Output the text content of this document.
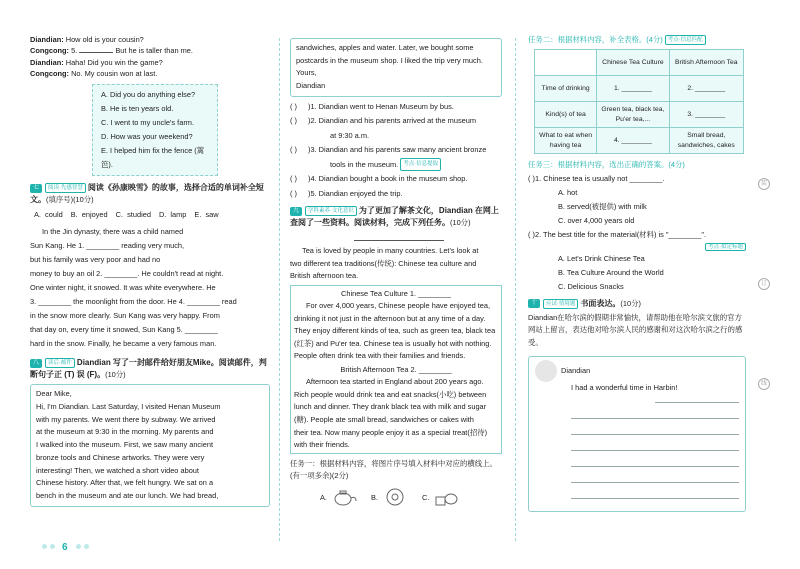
装
订
线
Diandian: How old is your cousin?
Congcong: 5.	But he is taller than me.
Diandian: Haha! Did you win the game?
Congcong: No. My cousin won at last.
A. Did you do anything else?
B. He is ten years old.
C. I went to my uncle's farm.
D. How was your weekend?
E. I helped him fix the fence (篱笆).
七 阅读·先感智慧 阅读《孙康映雪》的故事，选择合适的单词补全短文。(填序号)(10分)
A. could B. enjoyed C. studied D. lamp E. saw
In the Jin dynasty, there was a child named
Sun Kang. He 1. ________ reading very much,
but his family was very poor and had no
money to buy an oil 2. ________. He couldn't read at night.
One winter night, it snowed. It was white everywhere. He
3. ________ the moonlight from the door. He 4. ________ read
in the snow more clearly. Sun Kang was very happy. From
that day on, every time it snowed, Sun Kang 5. ________
hard in the snow. Finally, he became a very famous man.
八 读后·邮件 Diandian 写了一封邮件给好朋友Mike。阅读邮件，判断句子正 (T) 误 (F)。(10分)
Dear Mike,
Hi, I'm Diandian. Last Saturday, I visited Henan Museum
with my parents. We went there by subway. We arrived
at the museum at 9:30 in the morning. My parents and
I walked into the museum. First, we saw many ancient
bronze tools and Chinese artworks. They were very
interesting! Then, we watched a short video about
Chinese history. After that, we felt hungry. We sat on a
bench in the museum and ate our lunch. We had bread,
sandwiches, apples and water. Later, we bought some
postcards in the museum shop. I liked the trip very much.
Yours,
Diandian
( ) )1. Diandian went to Henan Museum by bus.
( ) )2. Diandian and his parents arrived at the museum
at 9:30 a.m.
( ) )3. Diandian and his parents saw many ancient bronze
tools in the museum. 考点·信息提取
( ) )4. Diandian bought a book in the museum shop.
( ) )5. Diandian enjoyed the trip.
九 学科素养·文化意识 为了更加了解茶文化，Diandian 在网上查阅了一些资料。阅读材料，完成下列任务。(10分)

Tea is loved by people in many countries. Let's look at

two different tea traditions(传统): Chinese tea culture and
British afternoon tea.
Chinese Tea Culture 1. ________

For over 4,000 years, Chinese people have enjoyed tea,

drinking it not just in the afternoon but at any time of a day.
They enjoy different kinds of tea, such as green tea, black tea
(红茶) and Pu'er tea. Chinese tea is usually hot with nothing.
People often drink tea with their families and friends.
British Afternoon Tea 2. ________

Afternoon tea started in England about 200 years ago.

Rich people would drink tea and eat snacks(小吃) between
lunch and dinner. They drank black tea with milk and sugar
(糖). People ate small bread, sandwiches or cakes with
their tea. Now many people enjoy it as a special treat(招待)
with their friends.
任务一：根据材料内容，将图片序号填入材料中对应的横线上。(有一项多余)(2分)
A.	B.	C.
任务二：根据材料内容，补全表格。(4分) 考点·信息匹配
	Chinese Tea Culture	British Afternoon Tea
Time of drinking	1. ________	2. ________
Kind(s) of tea	Green tea, black tea, Pu'er tea,...	3. ________
What to eat when having tea	4. ________	Small bread, sandwiches, cakes
任务三：根据材料内容，选出正确的答案。(4分)
( )1. Chinese tea is usually not ________.
A. hot
B. served(被提供) with milk
C. over 4,000 years old
( )2. The best title for the material(材料) is "________".
考点·拟定标题
A. Let's Drink Chinese Tea
B. Tea Culture Around the World
C. Delicious Snacks
十 应试·情境题 书面表达。(10分)
Diandian在哈尔滨的假期非常愉快，请帮助他在哈尔滨文旅的官方网站上留言，表达他对哈尔滨人民的感谢和对这次哈尔滨之行的感受。
Diandian
I had a wonderful time in Harbin!
6
